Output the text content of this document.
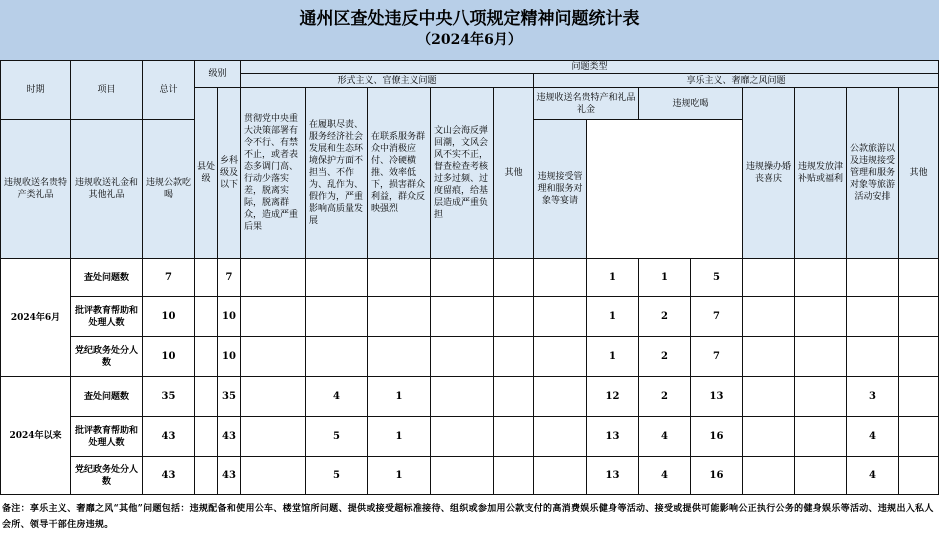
通州区查处违反中央八项规定精神问题统计表
（2024年6月）
时期	项目	总计	级别		问题类型												
					形式主义、官僚主义问题					享乐主义、奢靡之风问题							
			县处级	乡科级及以下	贯彻党中央重大决策部署有令不行、有禁不止，或者表态多调门高、行动少落实差，脱离实际，脱离群众，造成严重后果	在履职尽责、服务经济社会发展和生态环境保护方面不担当、不作为、乱作为、假作为，严重影响高质量发展	在联系服务群众中消极应付、冷硬横推、效率低下，损害群众利益，群众反映强烈	文山会海反弹回潮，文风会风不实不正，督查检查考核过多过频、过度留痕，给基层造成严重负担	其他	违规收送名贵特产和礼品礼金		违规吃喝		违规操办婚丧喜庆	违规发放津补贴或福利	公款旅游以及违规接受管理和服务对象等旅游活动安排	其他
违规收送名贵特产类礼品	违规收送礼金和其他礼品	违规公款吃喝								违规接受管理和服务对象等宴请							
2024年6月	查处问题数	7		7							1	1	5				
	批评教育帮助和处理人数	10		10							1	2	7				
	党纪政务处分人数	10		10							1	2	7				
2024年以来	查处问题数	35		35		4	1				12	2	13			3	
	批评教育帮助和处理人数	43		43		5	1				13	4	16			4	
	党纪政务处分人数	43		43		5	1				13	4	16			4	
备注：享乐主义、奢靡之风“其他”问题包括：违规配备和使用公车、楼堂馆所问题、提供或接受超标准接待、组织或参加用公款支付的高消费娱乐健身等活动、接受或提供可能影响公正执行公务的健身娱乐等活动、违规出入私人会所、领导干部住房违规。
